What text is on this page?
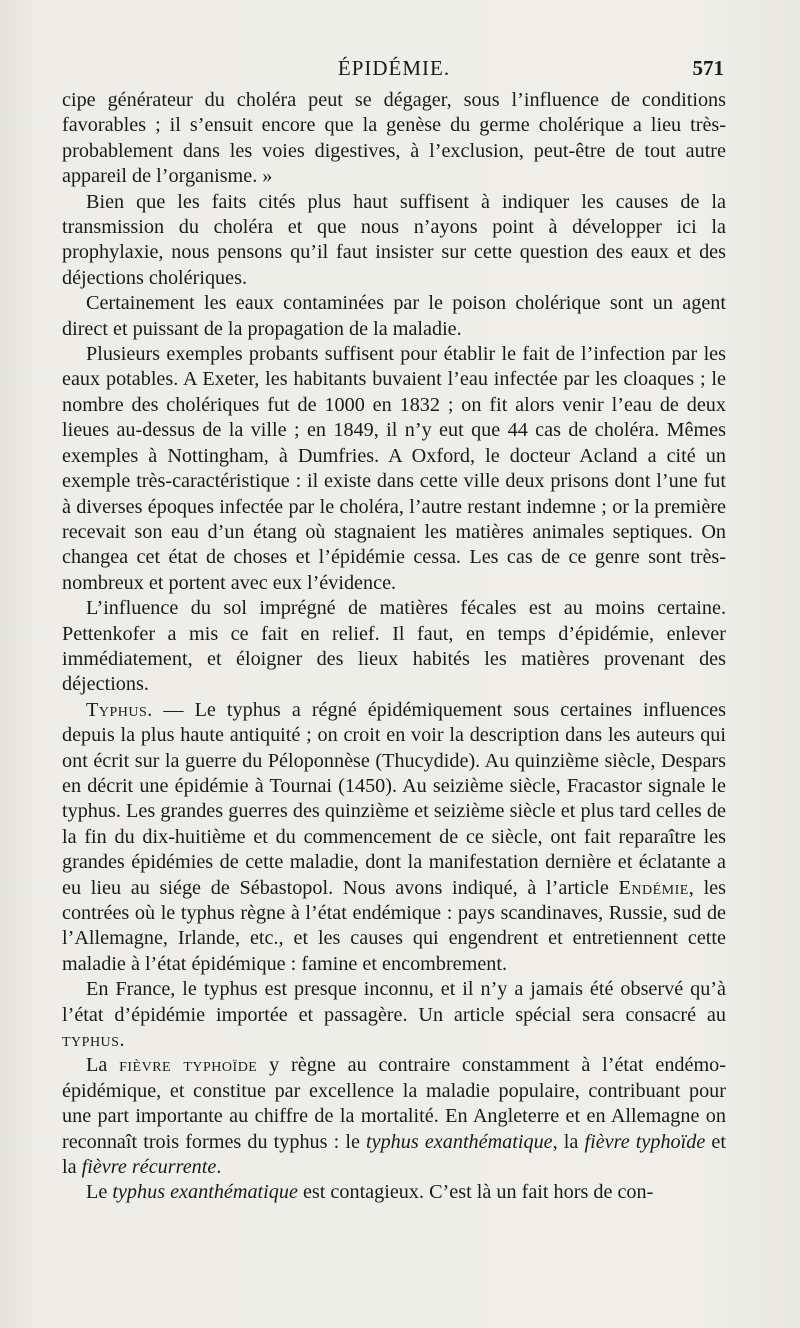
ÉPIDÉMIE.	571

cipe générateur du choléra peut se dégager, sous l’influence de conditions favorables ; il s’ensuit encore que la genèse du germe cholérique a lieu très-probablement dans les voies digestives, à l’exclusion, peut-être de tout autre appareil de l’organisme. »

Bien que les faits cités plus haut suffisent à indiquer les causes de la transmission du choléra et que nous n’ayons point à développer ici la prophylaxie, nous pensons qu’il faut insister sur cette question des eaux et des déjections cholériques.

Certainement les eaux contaminées par le poison cholérique sont un agent direct et puissant de la propagation de la maladie.

Plusieurs exemples probants suffisent pour établir le fait de l’infection par les eaux potables. A Exeter, les habitants buvaient l’eau infectée par les cloaques ; le nombre des cholériques fut de 1000 en 1832 ; on fit alors venir l’eau de deux lieues au-dessus de la ville ; en 1849, il n’y eut que 44 cas de choléra. Mêmes exemples à Nottingham, à Dumfries. A Oxford, le docteur Acland a cité un exemple très-caractéristique : il existe dans cette ville deux prisons dont l’une fut à diverses époques infectée par le choléra, l’autre restant indemne ; or la première recevait son eau d’un étang où stagnaient les matières animales septiques. On changea cet état de choses et l’épidémie cessa. Les cas de ce genre sont très-nombreux et portent avec eux l’évidence.

L’influence du sol imprégné de matières fécales est au moins certaine. Pettenkofer a mis ce fait en relief. Il faut, en temps d’épidémie, enlever immédiatement, et éloigner des lieux habités les matières provenant des déjections.

Typhus. — Le typhus a régné épidémiquement sous certaines influences depuis la plus haute antiquité ; on croit en voir la description dans les auteurs qui ont écrit sur la guerre du Péloponnèse (Thucydide). Au quinzième siècle, Despars en décrit une épidémie à Tournai (1450). Au seizième siècle, Fracastor signale le typhus. Les grandes guerres des quinzième et seizième siècle et plus tard celles de la fin du dix-huitième et du commencement de ce siècle, ont fait reparaître les grandes épidémies de cette maladie, dont la manifestation dernière et éclatante a eu lieu au siége de Sébastopol. Nous avons indiqué, à l’article Endémie, les contrées où le typhus règne à l’état endémique : pays scandinaves, Russie, sud de l’Allemagne, Irlande, etc., et les causes qui engendrent et entretiennent cette maladie à l’état épidémique : famine et encombrement.

En France, le typhus est presque inconnu, et il n’y a jamais été observé qu’à l’état d’épidémie importée et passagère. Un article spécial sera consacré au typhus.

La fièvre typhoïde y règne au contraire constamment à l’état endémo-épidémique, et constitue par excellence la maladie populaire, contribuant pour une part importante au chiffre de la mortalité. En Angleterre et en Allemagne on reconnaît trois formes du typhus : le typhus exanthématique, la fièvre typhoïde et la fièvre récurrente.

Le typhus exanthématique est contagieux. C’est là un fait hors de con-
